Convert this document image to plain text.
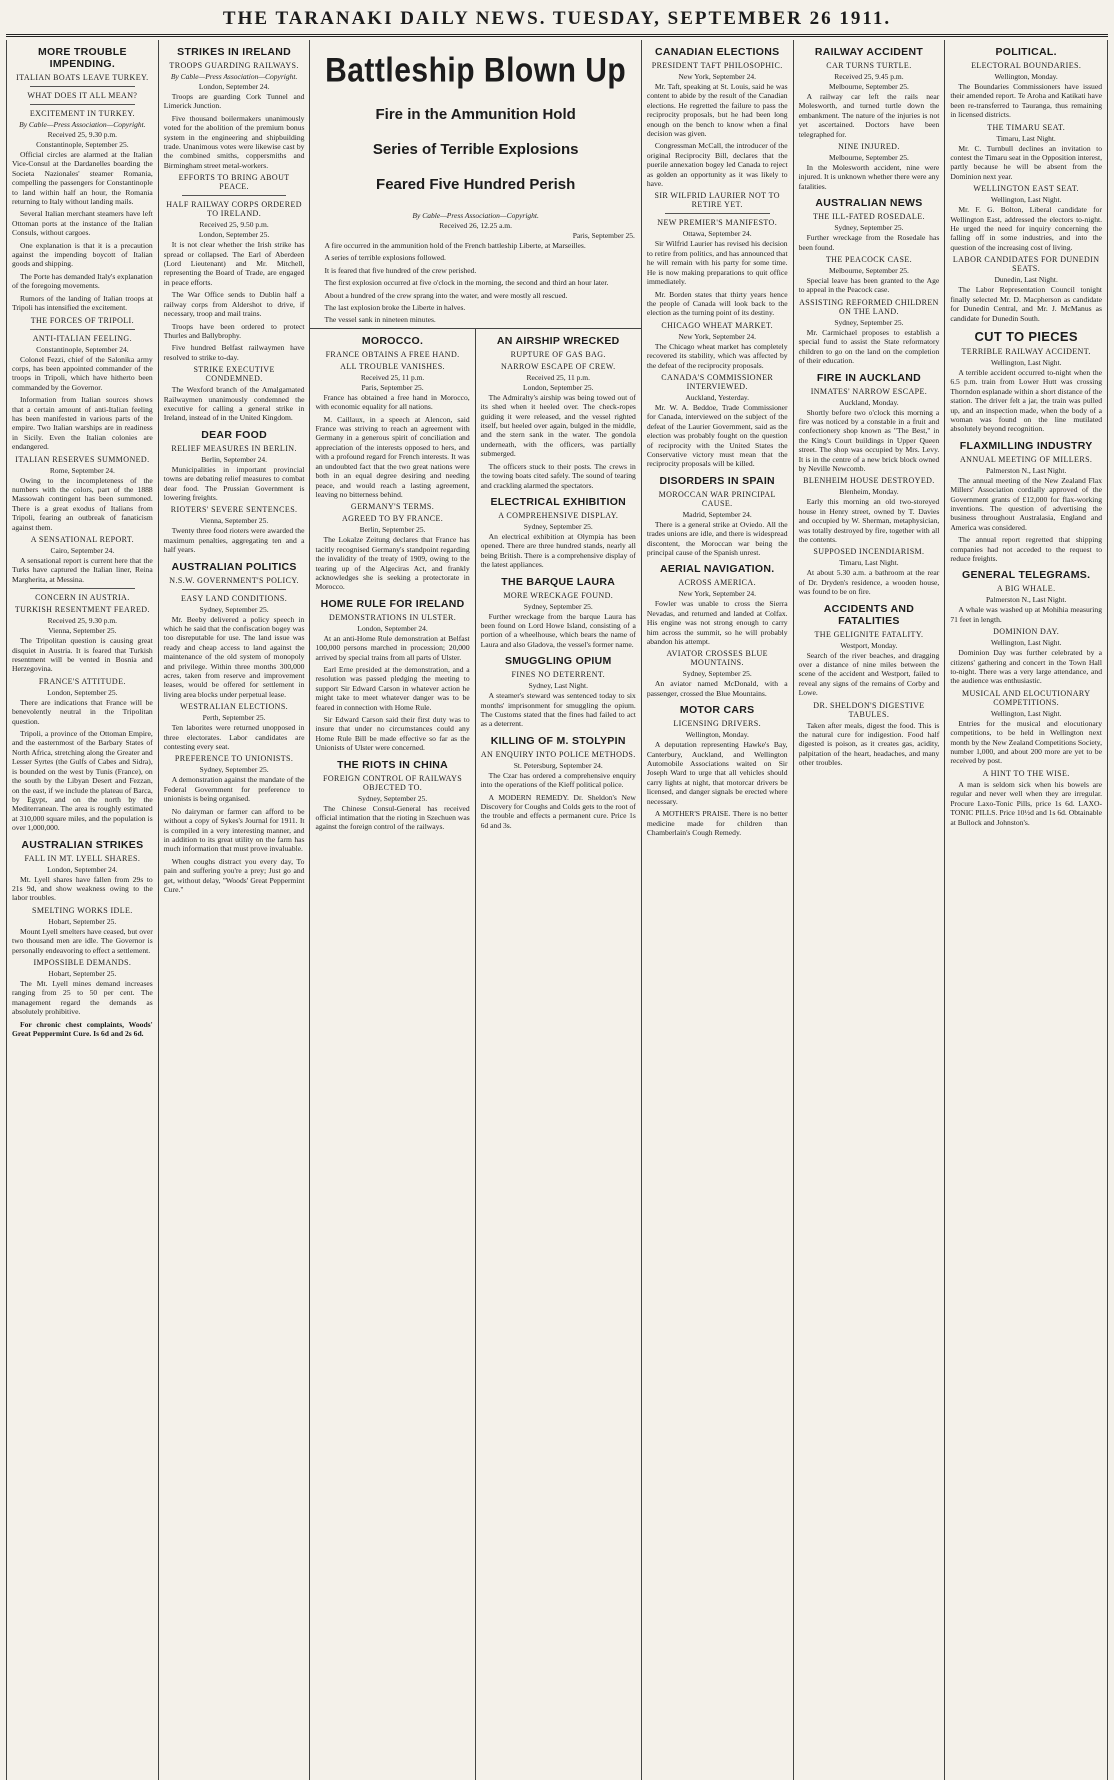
THE TARANAKI DAILY NEWS. TUESDAY, SEPTEMBER 26 1911.
MORE TROUBLE IMPENDING.
ITALIAN BOATS LEAVE TURKEY.
WHAT DOES IT ALL MEAN?
EXCITEMENT IN TURKEY.
By Cable—Press Association—Copyright.
Received 25, 9.30 p.m.
Constantinople, September 25.

Official circles are alarmed at the Italian Vice-Consul at the Dardanelles boarding the Societa Nazionales' steamer Romania, compelling the passengers for Constantinople to land within half an hour, the Romania returning to Italy without landing mails.

Several Italian merchant steamers have left Ottoman ports at the instance of the Italian Consuls, without cargoes.

One explanation is that it is a precaution against the impending boycott of Italian goods and shipping.

The Porte has demanded Italy's explanation of the foregoing movements.

Rumors of the landing of Italian troops at Tripoli has intensified the excitement.

THE FORCES OF TRIPOLI.
ANTI-ITALIAN FEELING.
Constantinople, September 24.

Colonel Fezzi, chief of the Salonika army corps, has been appointed commander of the troops in Tripoli, which have hitherto been commanded by the Governor.

Information from Italian sources shows that a certain amount of anti-Italian feeling has been manifested in various parts of the empire. Two Italian warships are in readiness in Sicily. Even the Italian colonies are endangered.

ITALIAN RESERVES SUMMONED.
Rome, September 24.

Owing to the incompleteness of the numbers with the colors, part of the 1888 Massowah contingent has been summoned. There is a great exodus of Italians from Tripoli, fearing an outbreak of fanaticism against them.

A SENSATIONAL REPORT.
Cairo, September 24.

A sensational report is current here that the Turks have captured the Italian liner, Reina Margherita, at Messina.

CONCERN IN AUSTRIA.
TURKISH RESENTMENT FEARED.
Received 25, 9.30 p.m.
Vienna, September 25.

The Tripolitan question is causing great disquiet in Austria. It is feared that Turkish resentment will be vented in Bosnia and Herzegovina.

FRANCE'S ATTITUDE.
London, September 25.

There are indications that France will be benevolently neutral in the Tripolitan question.

Tripoli, a province of the Ottoman Empire, and the easternmost of the Barbary States of North Africa, stretching along the Greater and Lesser Syrtes (the Gulfs of Cabes and Sidra), is bounded on the west by Tunis (France), on the south by the Libyan Desert and Fezzan, on the east, if we include the plateau of Barca, by Egypt, and on the north by the Mediterranean. The area is roughly estimated at 310,000 square miles, and the population is over 1,000,000.

AUSTRALIAN STRIKES
FALL IN MT. LYELL SHARES.
London, September 24.

Mt. Lyell shares have fallen from 29s to 21s 9d, and show weakness owing to the labor troubles.

SMELTING WORKS IDLE.
Hobart, September 25.

Mount Lyell smelters have ceased, but over two thousand men are idle. The Governor is personally endeavoring to effect a settlement.

IMPOSSIBLE DEMANDS.
Hobart, September 25.

The Mt. Lyell mines demand increases ranging from 25 to 50 per cent. The management regard the demands as absolutely prohibitive.

For chronic chest complaints, Woods' Great Peppermint Cure. Is 6d and 2s 6d.

STRIKES IN IRELAND
TROOPS GUARDING RAILWAYS.
By Cable—Press Association—Copyright.
London, September 24.

Troops are guarding Cork Tunnel and Limerick Junction.

Five thousand boilermakers unanimously voted for the abolition of the premium bonus system in the engineering and shipbuilding trade. Unanimous votes were likewise cast by the combined smiths, coppersmiths and Birmingham street metal-workers.

EFFORTS TO BRING ABOUT PEACE.
HALF RAILWAY CORPS ORDERED TO IRELAND.
Received 25, 9.50 p.m.
London, September 25.

It is not clear whether the Irish strike has spread or collapsed. The Earl of Aberdeen (Lord Lieutenant) and Mr. Mitchell, representing the Board of Trade, are engaged in peace efforts.

The War Office sends to Dublin half a railway corps from Aldershot to drive, if necessary, troop and mail trains.

Troops have been ordered to protect Thurles and Ballybrophy.

Five hundred Belfast railwaymen have resolved to strike to-day.

STRIKE EXECUTIVE CONDEMNED.

The Wexford branch of the Amalgamated Railwaymen unanimously condemned the executive for calling a general strike in Ireland, instead of in the United Kingdom.

DEAR FOOD
RELIEF MEASURES IN BERLIN.
Berlin, September 24.

Municipalities in important provincial towns are debating relief measures to combat dear food. The Prussian Government is lowering freights.

RIOTERS' SEVERE SENTENCES.
Vienna, September 25.

Twenty three food rioters were awarded the maximum penalties, aggregating ten and a half years.

AUSTRALIAN POLITICS
N.S.W. GOVERNMENT'S POLICY.
EASY LAND CONDITIONS.
Sydney, September 25.

Mr. Beeby delivered a policy speech in which he said that the confiscation bogey was too disreputable for use. The land issue was ready and cheap access to land against the maintenance of the old system of monopoly and privilege. Within three months 300,000 acres, taken from reserve and improvement leases, would be offered for settlement in living area blocks under perpetual lease.

WESTRALIAN ELECTIONS.
Perth, September 25.

Ten laborites were returned unopposed in three electorates. Labor candidates are contesting every seat.

PREFERENCE TO UNIONISTS.
Sydney, September 25.

A demonstration against the mandate of the Federal Government for preference to unionists is being organised.

No dairyman or farmer can afford to be without a copy of Sykes's Journal for 1911. It is compiled in a very interesting manner, and in addition to its great utility on the farm has much information that must prove invaluable.

When coughs distract you every day, To pain and suffering you're a prey; Just go and get, without delay, "Woods' Great Peppermint Cure."

Battleship Blown Up
Fire in the Ammunition Hold
Series of Terrible Explosions
Feared Five Hundred Perish
By Cable—Press Association—Copyright.
Received 26, 12.25 a.m.
Paris, September 25.

A fire occurred in the ammunition hold of the French battleship Liberte, at Marseilles.

A series of terrible explosions followed.

It is feared that five hundred of the crew perished.

The first explosion occurred at five o'clock in the morning, the second and third an hour later.

About a hundred of the crew sprang into the water, and were mostly all rescued.

The last explosion broke the Liberte in halves.

The vessel sank in nineteen minutes.

MOROCCO.
FRANCE OBTAINS A FREE HAND.
ALL TROUBLE VANISHES.
Received 25, 11 p.m.
Paris, September 25.

France has obtained a free hand in Morocco, with economic equality for all nations.

M. Caillaux, in a speech at Alencon, said France was striving to reach an agreement with Germany in a generous spirit of conciliation and appreciation of the interests opposed to hers, and with a profound regard for French interests. It was an undoubted fact that the two great nations were both in an equal degree desiring and needing peace, and would reach a lasting agreement, leaving no bitterness behind.

GERMANY'S TERMS.
AGREED TO BY FRANCE.
Berlin, September 25.

The Lokalze Zeitung declares that France has tacitly recognised Germany's standpoint regarding the invalidity of the treaty of 1909, owing to the tearing up of the Algeciras Act, and frankly acknowledges she is seeking a protectorate in Morocco.

HOME RULE FOR IRELAND
DEMONSTRATIONS IN ULSTER.
London, September 24.

At an anti-Home Rule demonstration at Belfast 100,000 persons marched in procession; 20,000 arrived by special trains from all parts of Ulster.

Earl Erne presided at the demonstration, and a resolution was passed pledging the meeting to support Sir Edward Carson in whatever action he might take to meet whatever danger was to be feared in connection with Home Rule.

Sir Edward Carson said their first duty was to insure that under no circumstances could any Home Rule Bill be made effective so far as the Unionists of Ulster were concerned.

THE RIOTS IN CHINA
FOREIGN CONTROL OF RAILWAYS OBJECTED TO.
Sydney, September 25.

The Chinese Consul-General has received official intimation that the rioting in Szechuen was against the foreign control of the railways.

AN AIRSHIP WRECKED
RUPTURE OF GAS BAG.
NARROW ESCAPE OF CREW.
Received 25, 11 p.m.
London, September 25.

The Admiralty's airship was being towed out of its shed when it heeled over. The check-ropes guiding it were released, and the vessel righted itself, but heeled over again, bulged in the middle, and the stern sank in the water. The gondola underneath, with the officers, was partially submerged.

The officers stuck to their posts. The crews in the towing boats cited safely. The sound of tearing and crackling alarmed the spectators.

ELECTRICAL EXHIBITION
A COMPREHENSIVE DISPLAY.
Sydney, September 25.

An electrical exhibition at Olympia has been opened. There are three hundred stands, nearly all being British. There is a comprehensive display of the latest appliances.

THE BARQUE LAURA
MORE WRECKAGE FOUND.
Sydney, September 25.

Further wreckage from the barque Laura has been found on Lord Howe Island, consisting of a portion of a wheelhouse, which bears the name of Laura and also Gladova, the vessel's former name.

SMUGGLING OPIUM
FINES NO DETERRENT.
Sydney, Last Night.

A steamer's steward was sentenced today to six months' imprisonment for smuggling the opium. The Customs stated that the fines had failed to act as a deterrent.

KILLING OF M. STOLYPIN
AN ENQUIRY INTO POLICE METHODS.
St. Petersburg, September 24.

The Czar has ordered a comprehensive enquiry into the operations of the Kieff political police.

A MODERN REMEDY. Dr. Sheldon's New Discovery for Coughs and Colds gets to the root of the trouble and effects a permanent cure. Price 1s 6d and 3s.

CANADIAN ELECTIONS
PRESIDENT TAFT PHILOSOPHIC.
New York, September 24.

Mr. Taft, speaking at St. Louis, said he was content to abide by the result of the Canadian elections. He regretted the failure to pass the reciprocity proposals, but he had been long enough on the bench to know when a final decision was given.

Congressman McCall, the introducer of the original Reciprocity Bill, declares that the puerile annexation bogey led Canada to reject as golden an opportunity as it was likely to have.

SIR WILFRID LAURIER NOT TO RETIRE YET.
NEW PREMIER'S MANIFESTO.
Ottawa, September 24.

Sir Wilfrid Laurier has revised his decision to retire from politics, and has announced that he will remain with his party for some time. He is now making preparations to quit office immediately.

Mr. Borden states that thirty years hence the people of Canada will look back to the election as the turning point of its destiny.

CHICAGO WHEAT MARKET.
New York, September 24.

The Chicago wheat market has completely recovered its stability, which was affected by the defeat of the reciprocity proposals.

CANADA'S COMMISSIONER INTERVIEWED.
Auckland, Yesterday.

Mr. W. A. Beddoe, Trade Commissioner for Canada, interviewed on the subject of the defeat of the Laurier Government, said as the election was probably fought on the question of reciprocity with the United States the Conservative victory must mean that the reciprocity proposals will be killed.

DISORDERS IN SPAIN
MOROCCAN WAR PRINCIPAL CAUSE.
Madrid, September 24.

There is a general strike at Oviedo. All the trades unions are idle, and there is widespread discontent, the Moroccan war being the principal cause of the Spanish unrest.

AERIAL NAVIGATION.
ACROSS AMERICA.
New York, September 24.

Fowler was unable to cross the Sierra Nevadas, and returned and landed at Colfax. His engine was not strong enough to carry him across the summit, so he will probably abandon his attempt.

AVIATOR CROSSES BLUE MOUNTAINS.
Sydney, September 25.

An aviator named McDonald, with a passenger, crossed the Blue Mountains.

MOTOR CARS
LICENSING DRIVERS.
Wellington, Monday.

A deputation representing Hawke's Bay, Canterbury, Auckland, and Wellington Automobile Associations waited on Sir Joseph Ward to urge that all vehicles should carry lights at night, that motorcar drivers be licensed, and danger signals be erected where necessary.

A MOTHER'S PRAISE. There is no better medicine made for children than Chamberlain's Cough Remedy.

RAILWAY ACCIDENT
CAR TURNS TURTLE.
Received 25, 9.45 p.m.
Melbourne, September 25.

A railway car left the rails near Molesworth, and turned turtle down the embankment. The nature of the injuries is not yet ascertained. Doctors have been telegraphed for.

NINE INJURED.
Melbourne, September 25.

In the Molesworth accident, nine were injured. It is unknown whether there were any fatalities.

AUSTRALIAN NEWS
THE ILL-FATED ROSEDALE.
Sydney, September 25.

Further wreckage from the Rosedale has been found.

THE PEACOCK CASE.
Melbourne, September 25.

Special leave has been granted to the Age to appeal in the Peacock case.

ASSISTING REFORMED CHILDREN ON THE LAND.
Sydney, September 25.

Mr. Carmichael proposes to establish a special fund to assist the State reformatory children to go on the land on the completion of their education.

FIRE IN AUCKLAND
INMATES' NARROW ESCAPE.
Auckland, Monday.

Shortly before two o'clock this morning a fire was noticed by a constable in a fruit and confectionery shop known as "The Best," in the King's Court buildings in Upper Queen street. The shop was occupied by Mrs. Levy. It is in the centre of a new brick block owned by Neville Newcomb.

BLENHEIM HOUSE DESTROYED.
Blenheim, Monday.

Early this morning an old two-storeyed house in Henry street, owned by T. Davies and occupied by W. Sherman, metaphysician, was totally destroyed by fire, together with all the contents.

SUPPOSED INCENDIARISM.
Timaru, Last Night.

At about 5.30 a.m. a bathroom at the rear of Dr. Dryden's residence, a wooden house, was found to be on fire.

ACCIDENTS AND FATALITIES
THE GELIGNITE FATALITY.
Westport, Monday.

Search of the river beaches, and dragging over a distance of nine miles between the scene of the accident and Westport, failed to reveal any signs of the remains of Corby and Lowe.

DR. SHELDON'S DIGESTIVE TABULES.

Taken after meals, digest the food. This is the natural cure for indigestion. Food half digested is poison, as it creates gas, acidity, palpitation of the heart, headaches, and many other troubles.

POLITICAL.
ELECTORAL BOUNDARIES.
Wellington, Monday.

The Boundaries Commissioners have issued their amended report. Te Aroha and Katikati have been re-transferred to Tauranga, thus remaining in licensed districts.

THE TIMARU SEAT.
Timaru, Last Night.

Mr. C. Turnbull declines an invitation to contest the Timaru seat in the Opposition interest, partly because he will be absent from the Dominion next year.

WELLINGTON EAST SEAT.
Wellington, Last Night.

Mr. F. G. Bolton, Liberal candidate for Wellington East, addressed the electors to-night. He urged the need for inquiry concerning the falling off in some industries, and into the question of the increasing cost of living.

LABOR CANDIDATES FOR DUNEDIN SEATS.
Dunedin, Last Night.

The Labor Representation Council tonight finally selected Mr. D. Macpherson as candidate for Dunedin Central, and Mr. J. McManus as candidate for Dunedin South.

CUT TO PIECES
TERRIBLE RAILWAY ACCIDENT.
Wellington, Last Night.

A terrible accident occurred to-night when the 6.5 p.m. train from Lower Hutt was crossing Thorndon esplanade within a short distance of the station. The driver felt a jar, the train was pulled up, and an inspection made, when the body of a woman was found on the line mutilated absolutely beyond recognition.

FLAXMILLING INDUSTRY
ANNUAL MEETING OF MILLERS.
Palmerston N., Last Night.

The annual meeting of the New Zealand Flax Millers' Association cordially approved of the Government grants of £12,000 for flax-working inventions. The question of advertising the business throughout Australasia, England and America was considered.

The annual report regretted that shipping companies had not acceded to the request to reduce freights.

GENERAL TELEGRAMS.
A BIG WHALE.
Palmerston N., Last Night.

A whale was washed up at Mohihia measuring 71 feet in length.

DOMINION DAY.
Wellington, Last Night.

Dominion Day was further celebrated by a citizens' gathering and concert in the Town Hall to-night. There was a very large attendance, and the audience was enthusiastic.

MUSICAL AND ELOCUTIONARY COMPETITIONS.
Wellington, Last Night.

Entries for the musical and elocutionary competitions, to be held in Wellington next month by the New Zealand Competitions Society, number 1,000, and about 200 more are yet to be received by post.

A HINT TO THE WISE.

A man is seldom sick when his bowels are regular and never well when they are irregular. Procure Laxo-Tonic Pills, price 1s 6d. LAXO-TONIC PILLS. Price 10½d and 1s 6d. Obtainable at Bullock and Johnston's.
